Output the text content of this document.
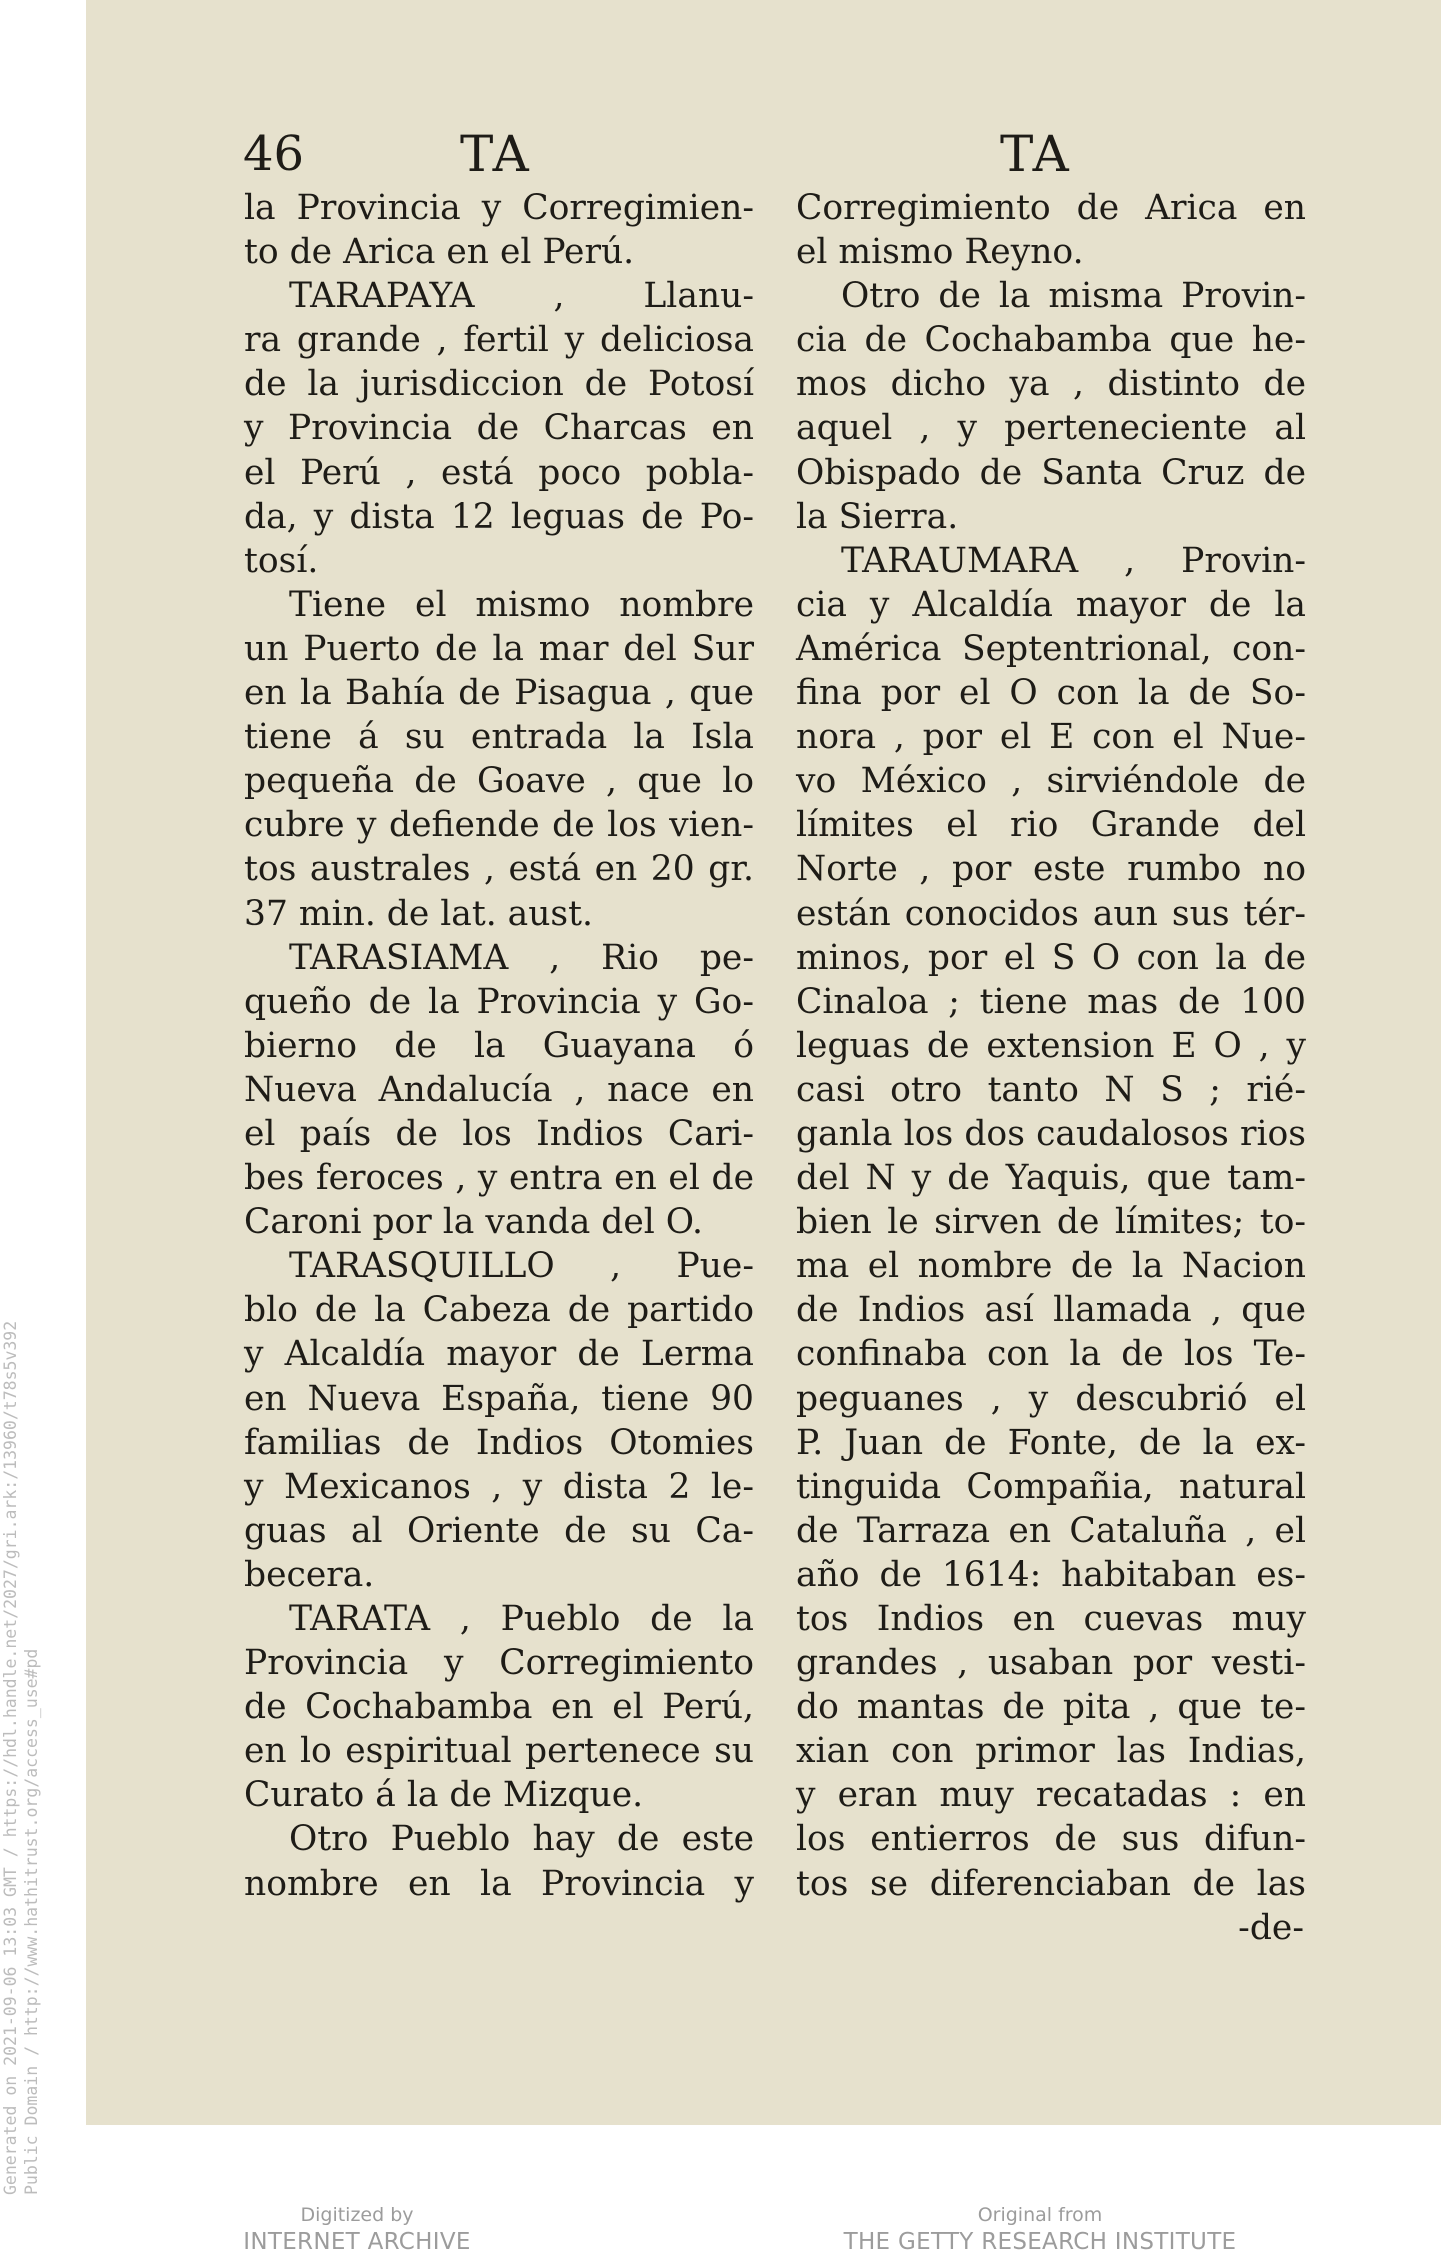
Generated on 2021-09-06 13:03 GMT / https://hdl.handle.net/2027/gri.ark:/13960/t78s5v392 Public Domain / http://www.hathitrust.org/access_use#pd
46	TA	TA
la Provincia y Corregimien-
to de Arica en el Perú.
TARAPAYA , Llanu-
ra grande , fertil y deliciosa
de la jurisdiccion de Potosí
y Provincia de Charcas en
el Perú , está poco pobla-
da, y dista 12 leguas de Po-
tosí.
Tiene el mismo nombre
un Puerto de la mar del Sur
en la Bahía de Pisagua , que
tiene á su entrada la Isla
pequeña de Goave , que lo
cubre y defiende de los vien-
tos australes , está en 20 gr.
37 min. de lat. aust.
TARASIAMA , Rio pe-
queño de la Provincia y Go-
bierno de la Guayana ó
Nueva Andalucía , nace en
el país de los Indios Cari-
bes feroces , y entra en el de
Caroni por la vanda del O.
TARASQUILLO , Pue-
blo de la Cabeza de partido
y Alcaldía mayor de Lerma
en Nueva España, tiene 90
familias de Indios Otomies
y Mexicanos , y dista 2 le-
guas al Oriente de su Ca-
becera.
TARATA , Pueblo de la
Provincia y Corregimiento
de Cochabamba en el Perú,
en lo espiritual pertenece su
Curato á la de Mizque.
Otro Pueblo hay de este
nombre en la Provincia y
Corregimiento de Arica en
el mismo Reyno.
Otro de la misma Provin-
cia de Cochabamba que he-
mos dicho ya , distinto de
aquel , y perteneciente al
Obispado de Santa Cruz de
la Sierra.
TARAUMARA , Provin-
cia y Alcaldía mayor de la
América Septentrional, con-
fina por el O con la de So-
nora , por el E con el Nue-
vo México , sirviéndole de
límites el rio Grande del
Norte , por este rumbo no
están conocidos aun sus tér-
minos, por el S O con la de
Cinaloa ; tiene mas de 100
leguas de extension E O , y
casi otro tanto N S ; rié-
ganla los dos caudalosos rios
del N y de Yaquis, que tam-
bien le sirven de límites; to-
ma el nombre de la Nacion
de Indios así llamada , que
confinaba con la de los Te-
peguanes , y descubrió el
P. Juan de Fonte, de la ex-
tinguida Compañia, natural
de Tarraza en Cataluña , el
año de 1614: habitaban es-
tos Indios en cuevas muy
grandes , usaban por vesti-
do mantas de pita , que te-
xian con primor las Indias,
y eran muy recatadas : en
los entierros de sus difun-
tos se diferenciaban de las
-de-
Digitized by
INTERNET ARCHIVE
Original from
THE GETTY RESEARCH INSTITUTE
